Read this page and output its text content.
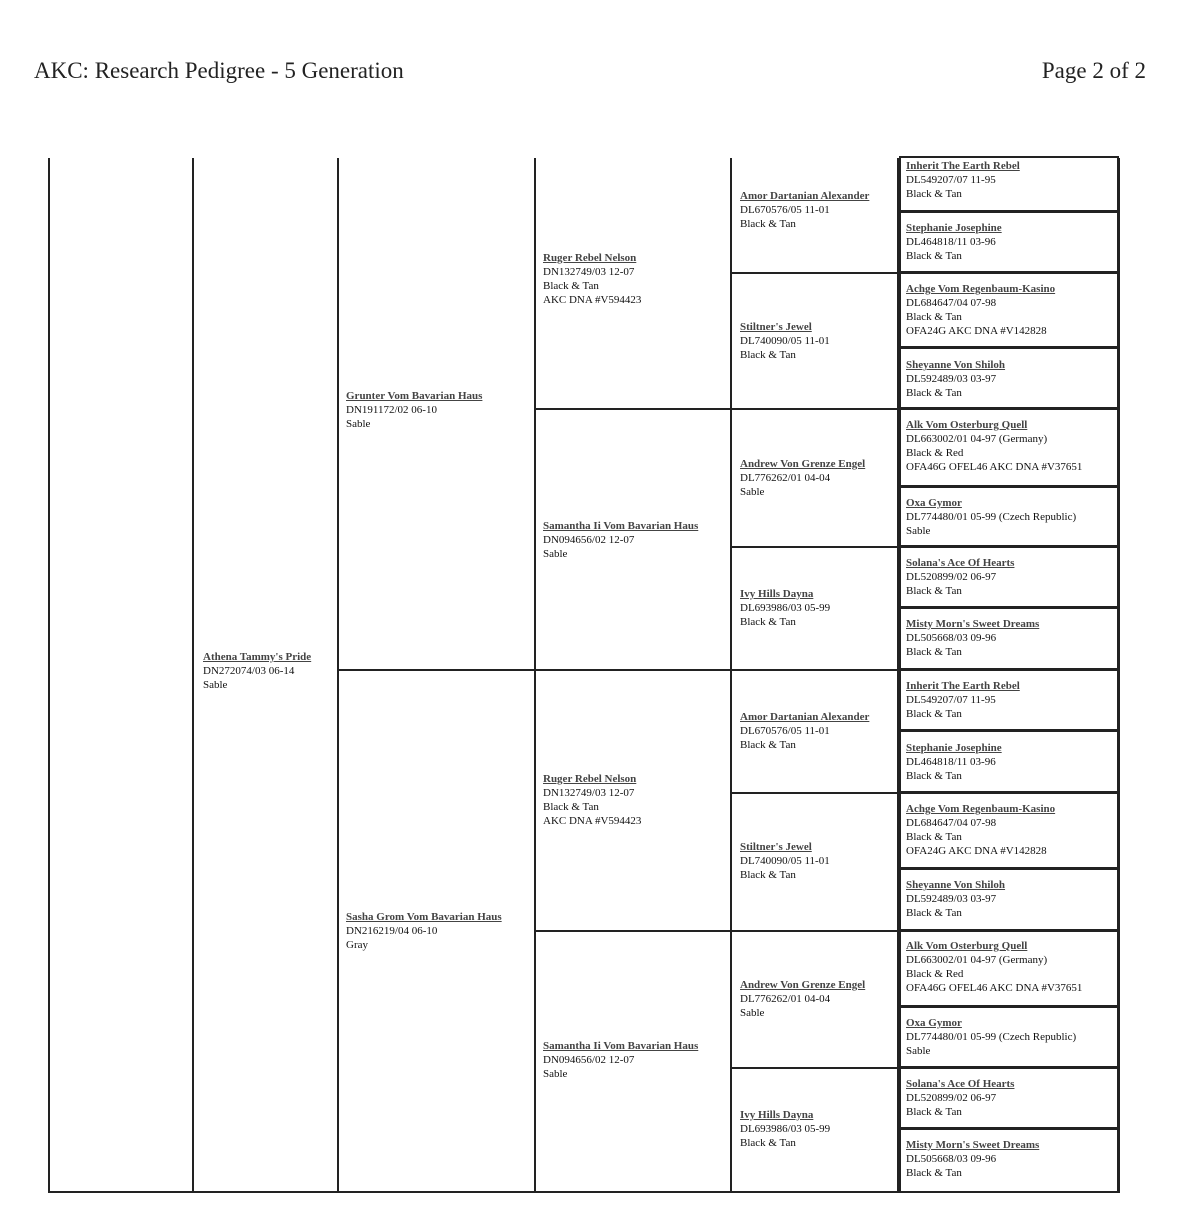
AKC: Research Pedigree - 5 Generation	Page 2 of 2
Athena Tammy's Pride
DN272074/03 06-14
Sable
Grunter Vom Bavarian Haus
DN191172/02 06-10
Sable
Sasha Grom Vom Bavarian Haus
DN216219/04 06-10
Gray
Ruger Rebel Nelson
DN132749/03 12-07
Black & Tan
AKC DNA #V594423
Samantha Ii Vom Bavarian Haus
DN094656/02 12-07
Sable
Ruger Rebel Nelson
DN132749/03 12-07
Black & Tan
AKC DNA #V594423
Samantha Ii Vom Bavarian Haus
DN094656/02 12-07
Sable
Amor Dartanian Alexander
DL670576/05 11-01
Black & Tan
Stiltner's Jewel
DL740090/05 11-01
Black & Tan
Andrew Von Grenze Engel
DL776262/01 04-04
Sable
Ivy Hills Dayna
DL693986/03 05-99
Black & Tan
Amor Dartanian Alexander
DL670576/05 11-01
Black & Tan
Stiltner's Jewel
DL740090/05 11-01
Black & Tan
Andrew Von Grenze Engel
DL776262/01 04-04
Sable
Ivy Hills Dayna
DL693986/03 05-99
Black & Tan
Inherit The Earth Rebel
DL549207/07 11-95
Black & Tan
Stephanie Josephine
DL464818/11 03-96
Black & Tan
Achge Vom Regenbaum-Kasino
DL684647/04 07-98
Black & Tan
OFA24G AKC DNA #V142828
Sheyanne Von Shiloh
DL592489/03 03-97
Black & Tan
Alk Vom Osterburg Quell
DL663002/01 04-97 (Germany)
Black & Red
OFA46G OFEL46 AKC DNA #V37651
Oxa Gymor
DL774480/01 05-99 (Czech Republic)
Sable
Solana's Ace Of Hearts
DL520899/02 06-97
Black & Tan
Misty Morn's Sweet Dreams
DL505668/03 09-96
Black & Tan
Inherit The Earth Rebel
DL549207/07 11-95
Black & Tan
Stephanie Josephine
DL464818/11 03-96
Black & Tan
Achge Vom Regenbaum-Kasino
DL684647/04 07-98
Black & Tan
OFA24G AKC DNA #V142828
Sheyanne Von Shiloh
DL592489/03 03-97
Black & Tan
Alk Vom Osterburg Quell
DL663002/01 04-97 (Germany)
Black & Red
OFA46G OFEL46 AKC DNA #V37651
Oxa Gymor
DL774480/01 05-99 (Czech Republic)
Sable
Solana's Ace Of Hearts
DL520899/02 06-97
Black & Tan
Misty Morn's Sweet Dreams
DL505668/03 09-96
Black & Tan
